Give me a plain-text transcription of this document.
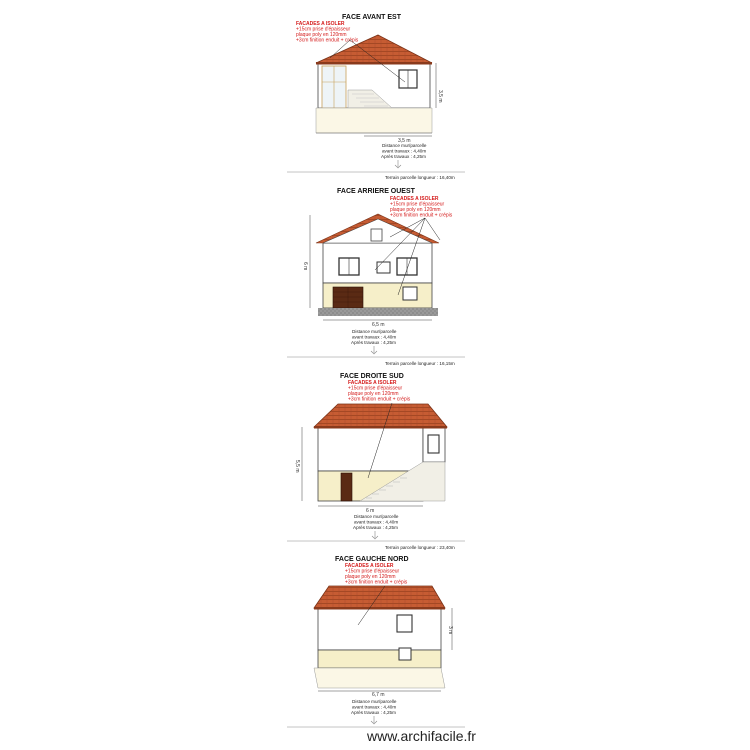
FACE AVANT EST
FACADES A ISOLER
+15cm prise d'épaisseur
plaque poly en 120mm
+3cm finition enduit + crépis
3,5 m
3,5 m
Distance mur/parcelle
avant travaux : 4,40m
Après travaux : 4,25m
Terrain parcelle longueur : 16,40m
FACE ARRIERE OUEST
FACADES A ISOLER
+15cm prise d'épaisseur
plaque poly en 120mm
+3cm finition enduit + crépis
6 m
6,5 m
Distance mur/parcelle
avant travaux : 4,40m
Après travaux : 4,25m
Terrain parcelle longueur : 16,15m
FACE DROITE SUD
FACADES A ISOLER
+15cm prise d'épaisseur
plaque poly en 120mm
+3cm finition enduit + crépis
5,5 m
6 m
Distance mur/parcelle
avant travaux : 4,40m
Après travaux : 4,25m
Terrain parcelle longueur : 23,40m
FACE GAUCHE NORD
FACADES A ISOLER
+15cm prise d'épaisseur
plaque poly en 120mm
+3cm finition enduit + crépis
3 m
6,7 m
Distance mur/parcelle
avant travaux : 4,40m
Après travaux : 4,25m
www.archifacile.fr
